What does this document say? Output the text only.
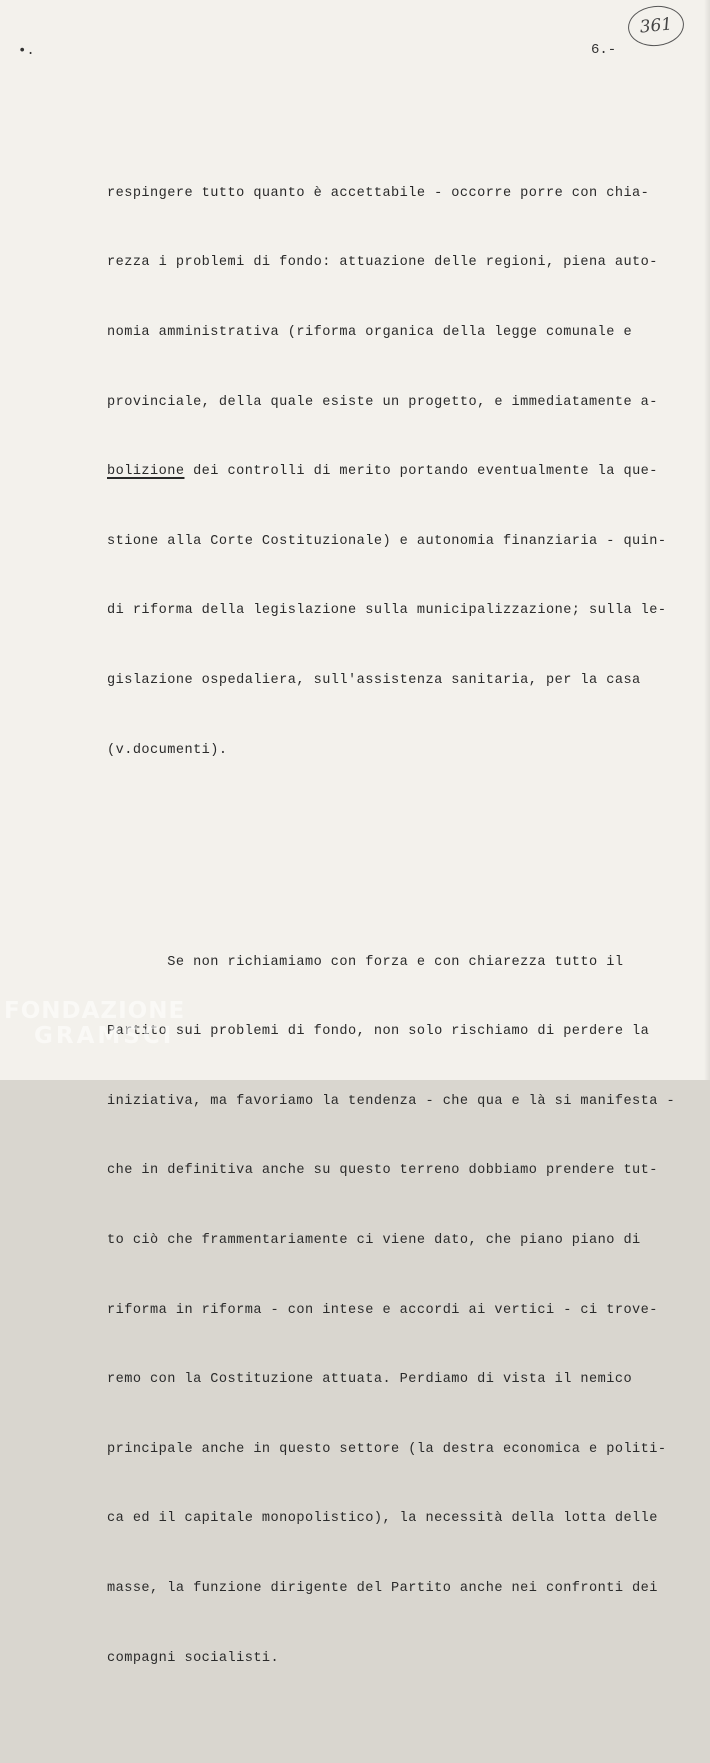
•.
361
6.-

respingere tutto quanto è accettabile - occorre porre con chia-

rezza i problemi di fondo: attuazione delle regioni, piena auto-

nomia amministrativa (riforma organica della legge comunale e

provinciale, della quale esiste un progetto, e immediatamente a-

bolizione dei controlli di merito portando eventualmente la que-

stione alla Corte Costituzionale) e autonomia finanziaria - quin-

di riforma della legislazione sulla municipalizzazione; sulla le-

gislazione ospedaliera, sull'assistenza sanitaria, per la casa

(v.documenti).

Se non richiamiamo con forza e con chiarezza tutto il

Partito sui problemi di fondo, non solo rischiamo di perdere la

iniziativa, ma favoriamo la tendenza - che qua e là si manifesta -

che in definitiva anche su questo terreno dobbiamo prendere tut-

to ciò che frammentariamente ci viene dato, che piano piano di

riforma in riforma - con intese e accordi ai vertici - ci trove-

remo con la Costituzione attuata. Perdiamo di vista il nemico

principale anche in questo settore (la destra economica e politi-

ca ed il capitale monopolistico), la necessità della lotta delle

masse, la funzione dirigente del Partito anche nei confronti dei

compagni socialisti.

FONDAZIONE
GRAMSCI
